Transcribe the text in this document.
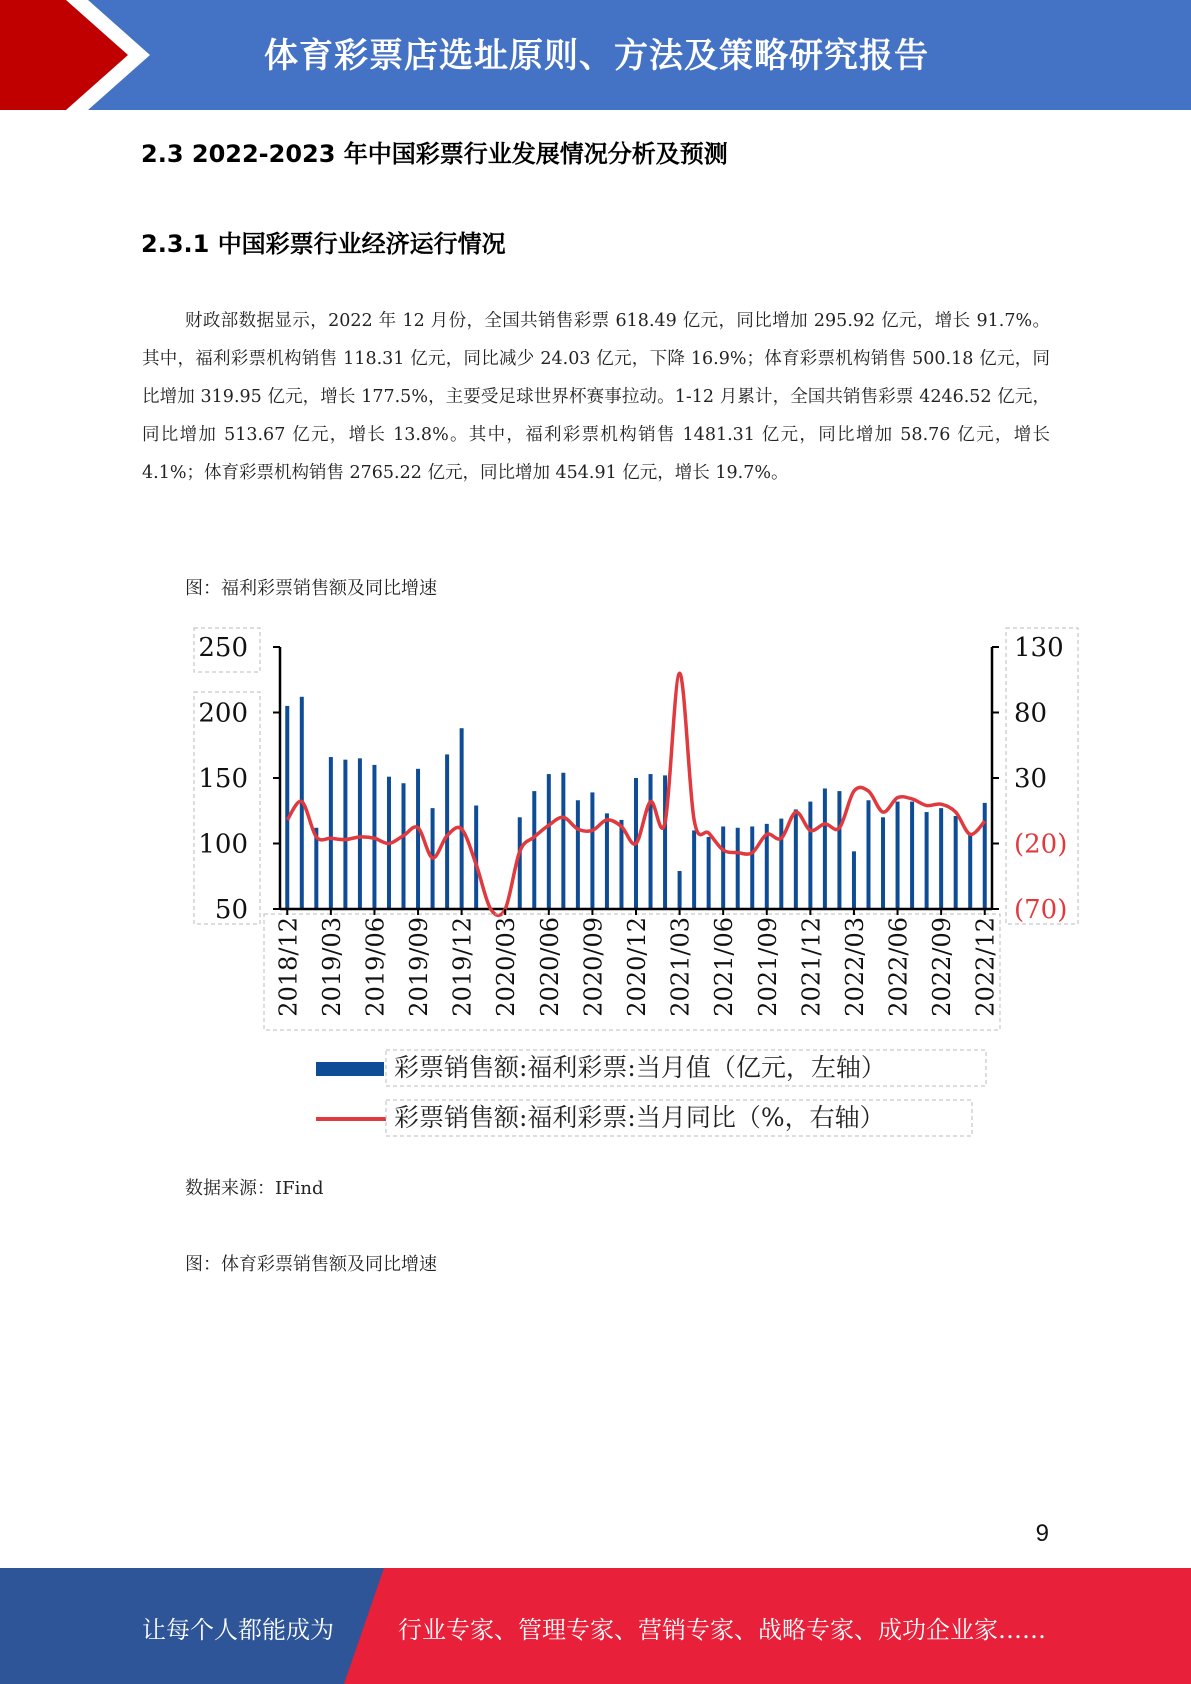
体育彩票店选址原则、方法及策略研究报告
2.3 2022-2023 年中国彩票行业发展情况分析及预测
2.3.1 中国彩票行业经济运行情况
财政部数据显示，2022 年 12 月份，全国共销售彩票 618.49 亿元，同比增加 295.92 亿元，增长 91.7%。其中，福利彩票机构销售 118.31 亿元，同比减少 24.03 亿元，下降 16.9%；体育彩票机构销售 500.18 亿元，同比增加 319.95 亿元，增长 177.5%，主要受足球世界杯赛事拉动。1-12 月累计，全国共销售彩票 4246.52 亿元，同比增加 513.67 亿元，增长 13.8%。其中，福利彩票机构销售 1481.31 亿元，同比增加 58.76 亿元，增长 4.1%；体育彩票机构销售 2765.22 亿元，同比增加 454.91 亿元，增长 19.7%。
图：福利彩票销售额及同比增速
250
200
150
100
50
130
80
30
(20)
(70)
2018/12 2019/03 2019/06 2019/09 2019/12 2020/03 2020/06 2020/09 2020/12 2021/03 2021/06 2021/09 2021/12 2022/03 2022/06 2022/09 2022/12
彩票销售额:福利彩票:当月值（亿元，左轴）
彩票销售额:福利彩票:当月同比（%，右轴）
数据来源：IFind
图：体育彩票销售额及同比增速
9
让每个人都能成为	行业专家、管理专家、营销专家、战略专家、成功企业家……
